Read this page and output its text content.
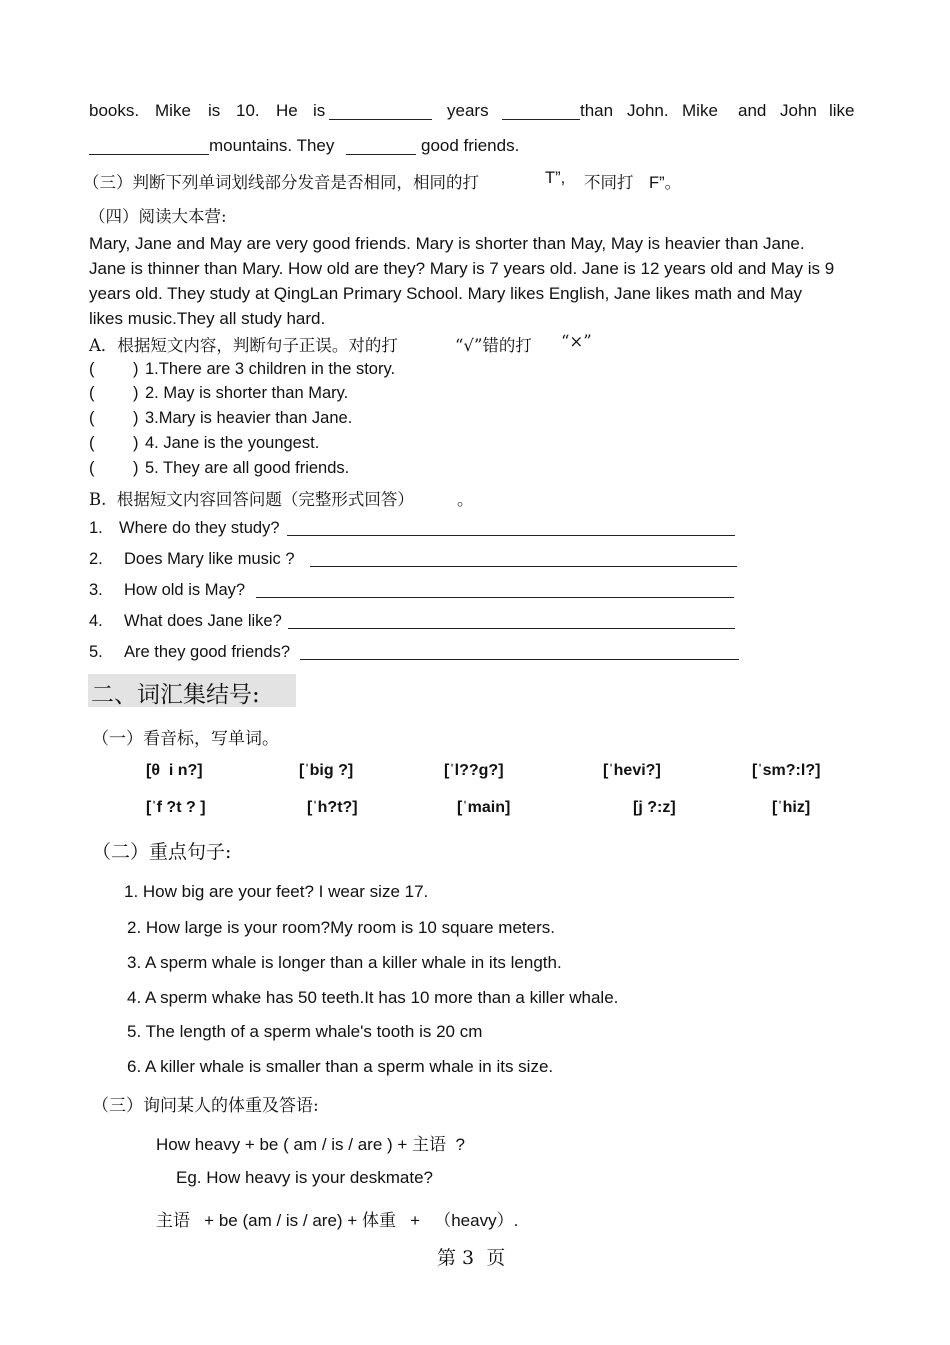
books. Mike is 10. He is	years	than John. Mike and John like
mountains. They	good friends.
（三）判断下列单词划线部分发音是否相同，相同的打	T”, 不同打 F”。
（四）阅读大本营:
Mary, Jane and May are very good friends. Mary is shorter than May, May is heavier than Jane.
Jane is thinner than Mary. How old are they? Mary is 7 years old. Jane is 12 years old and May is 9
years old. They study at QingLan Primary School. Mary likes English, Jane likes math and May
likes music.They all study hard.
A．根据短文内容，判断句子正误。对的打	“√”错的打 “×”
( ) 1.There are 3 children in the story.
( ) 2. May is shorter than Mary.
( ) 3.Mary is heavier than Jane.
( ) 4. Jane is the youngest.
( ) 5. They are all good friends.
B.  根据短文内容回答问题（完整形式回答）	。
1. Where do they study?
2. Does Mary like music ?
3. How old is May?
4. What does Jane like?
5. Are they good friends?
二、词汇集结号:
（一）看音标，写单词。
[θ  i n?]	[ˈbig ?]	[ˈl??g?]	[ˈhevi?]	[ˈsm?:l?]
[ˈf ?t ? ]	[ˈh?t?]	[ˈmain]	[j ?:z]	[ˈhiz]
（二）重点句子:
1. How big are your feet? I wear size 17.
2. How large is your room?My room is 10 square meters.
3. A sperm whale is longer than a killer whale in its length.
4. A sperm whake has 50 teeth.It has 10 more than a killer whale.
5. The length of a sperm whale's tooth is 20 cm
6. A killer whale is smaller than a sperm whale in its size.
（三）询问某人的体重及答语:
How heavy + be ( am / is / are ) + 主语  ?
Eg. How heavy is your deskmate?
主语   + be (am / is / are) + 体重   +   （heavy）.
第 3  页
